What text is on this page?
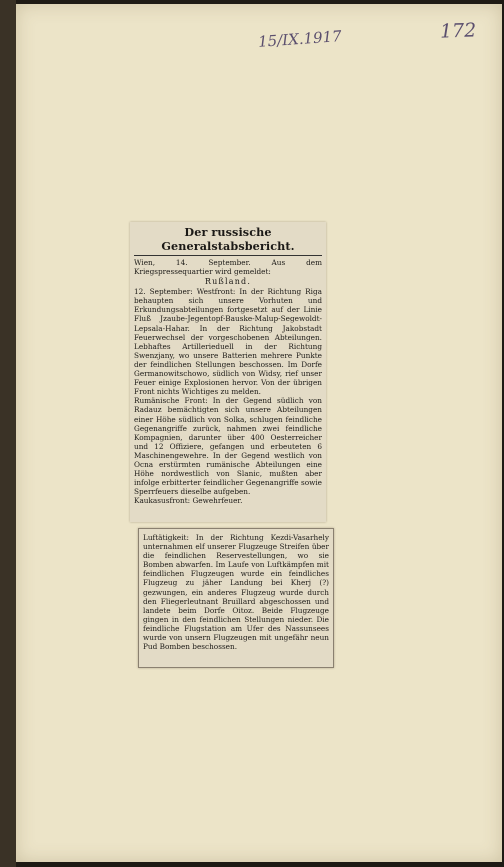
15/IX.1917	172
Der russische Generalstabsbericht.

Wien, 14. September. Aus dem Kriegspressequartier wird gemeldet:

Rußland.

12. September: Westfront: In der Richtung Riga behaupten sich unsere Vorhuten und Erkundungsabteilungen fortgesetzt auf der Linie Fluß Jzaube-Jegentopf-Bauske-Malup-Segewoldt-Lepsala-Hahar. In der Richtung Jakobstadt Feuerwechsel der vorgeschobenen Abteilungen. Lebhaftes Artillerieduell in der Richtung Swenzjany, wo unsere Batterien mehrere Punkte der feindlichen Stellungen beschossen. Im Dorfe Germanowitschowo, südlich von Widsy, rief unser Feuer einige Explosionen hervor. Von der übrigen Front nichts Wichtiges zu melden.

Rumänische Front: In der Gegend südlich von Radauz bemächtigten sich unsere Abteilungen einer Höhe südlich von Solka, schlugen feindliche Gegenangriffe zurück, nahmen zwei feindliche Kompagnien, darunter über 400 Oesterreicher und 12 Offiziere, gefangen und erbeuteten 6 Maschinengewehre. In der Gegend westlich von Ocna erstürmten rumänische Abteilungen eine Höhe nordwestlich von Slanic, mußten aber infolge erbitterter feindlicher Gegenangriffe sowie Sperrfeuers dieselbe aufgeben.

Kaukasusfront: Gewehrfeuer.

Luftätigkeit: In der Richtung Kezdi-Vasarhely unternahmen elf unserer Flugzeuge Streifen über die feindlichen Reservestellungen, wo sie Bomben abwarfen. Im Laufe von Luftkämpfen mit feindlichen Flugzeugen wurde ein feindliches Flugzeug zu jäher Landung bei Kherj (?) gezwungen, ein anderes Flugzeug wurde durch den Fliegerleutnant Bruillard abgeschossen und landete beim Dorfe Oitoz. Beide Flugzeuge gingen in den feindlichen Stellungen nieder. Die feindliche Flugstation am Ufer des Nassunsees wurde von unsern Flugzeugen mit ungefähr neun Pud Bomben beschossen.
